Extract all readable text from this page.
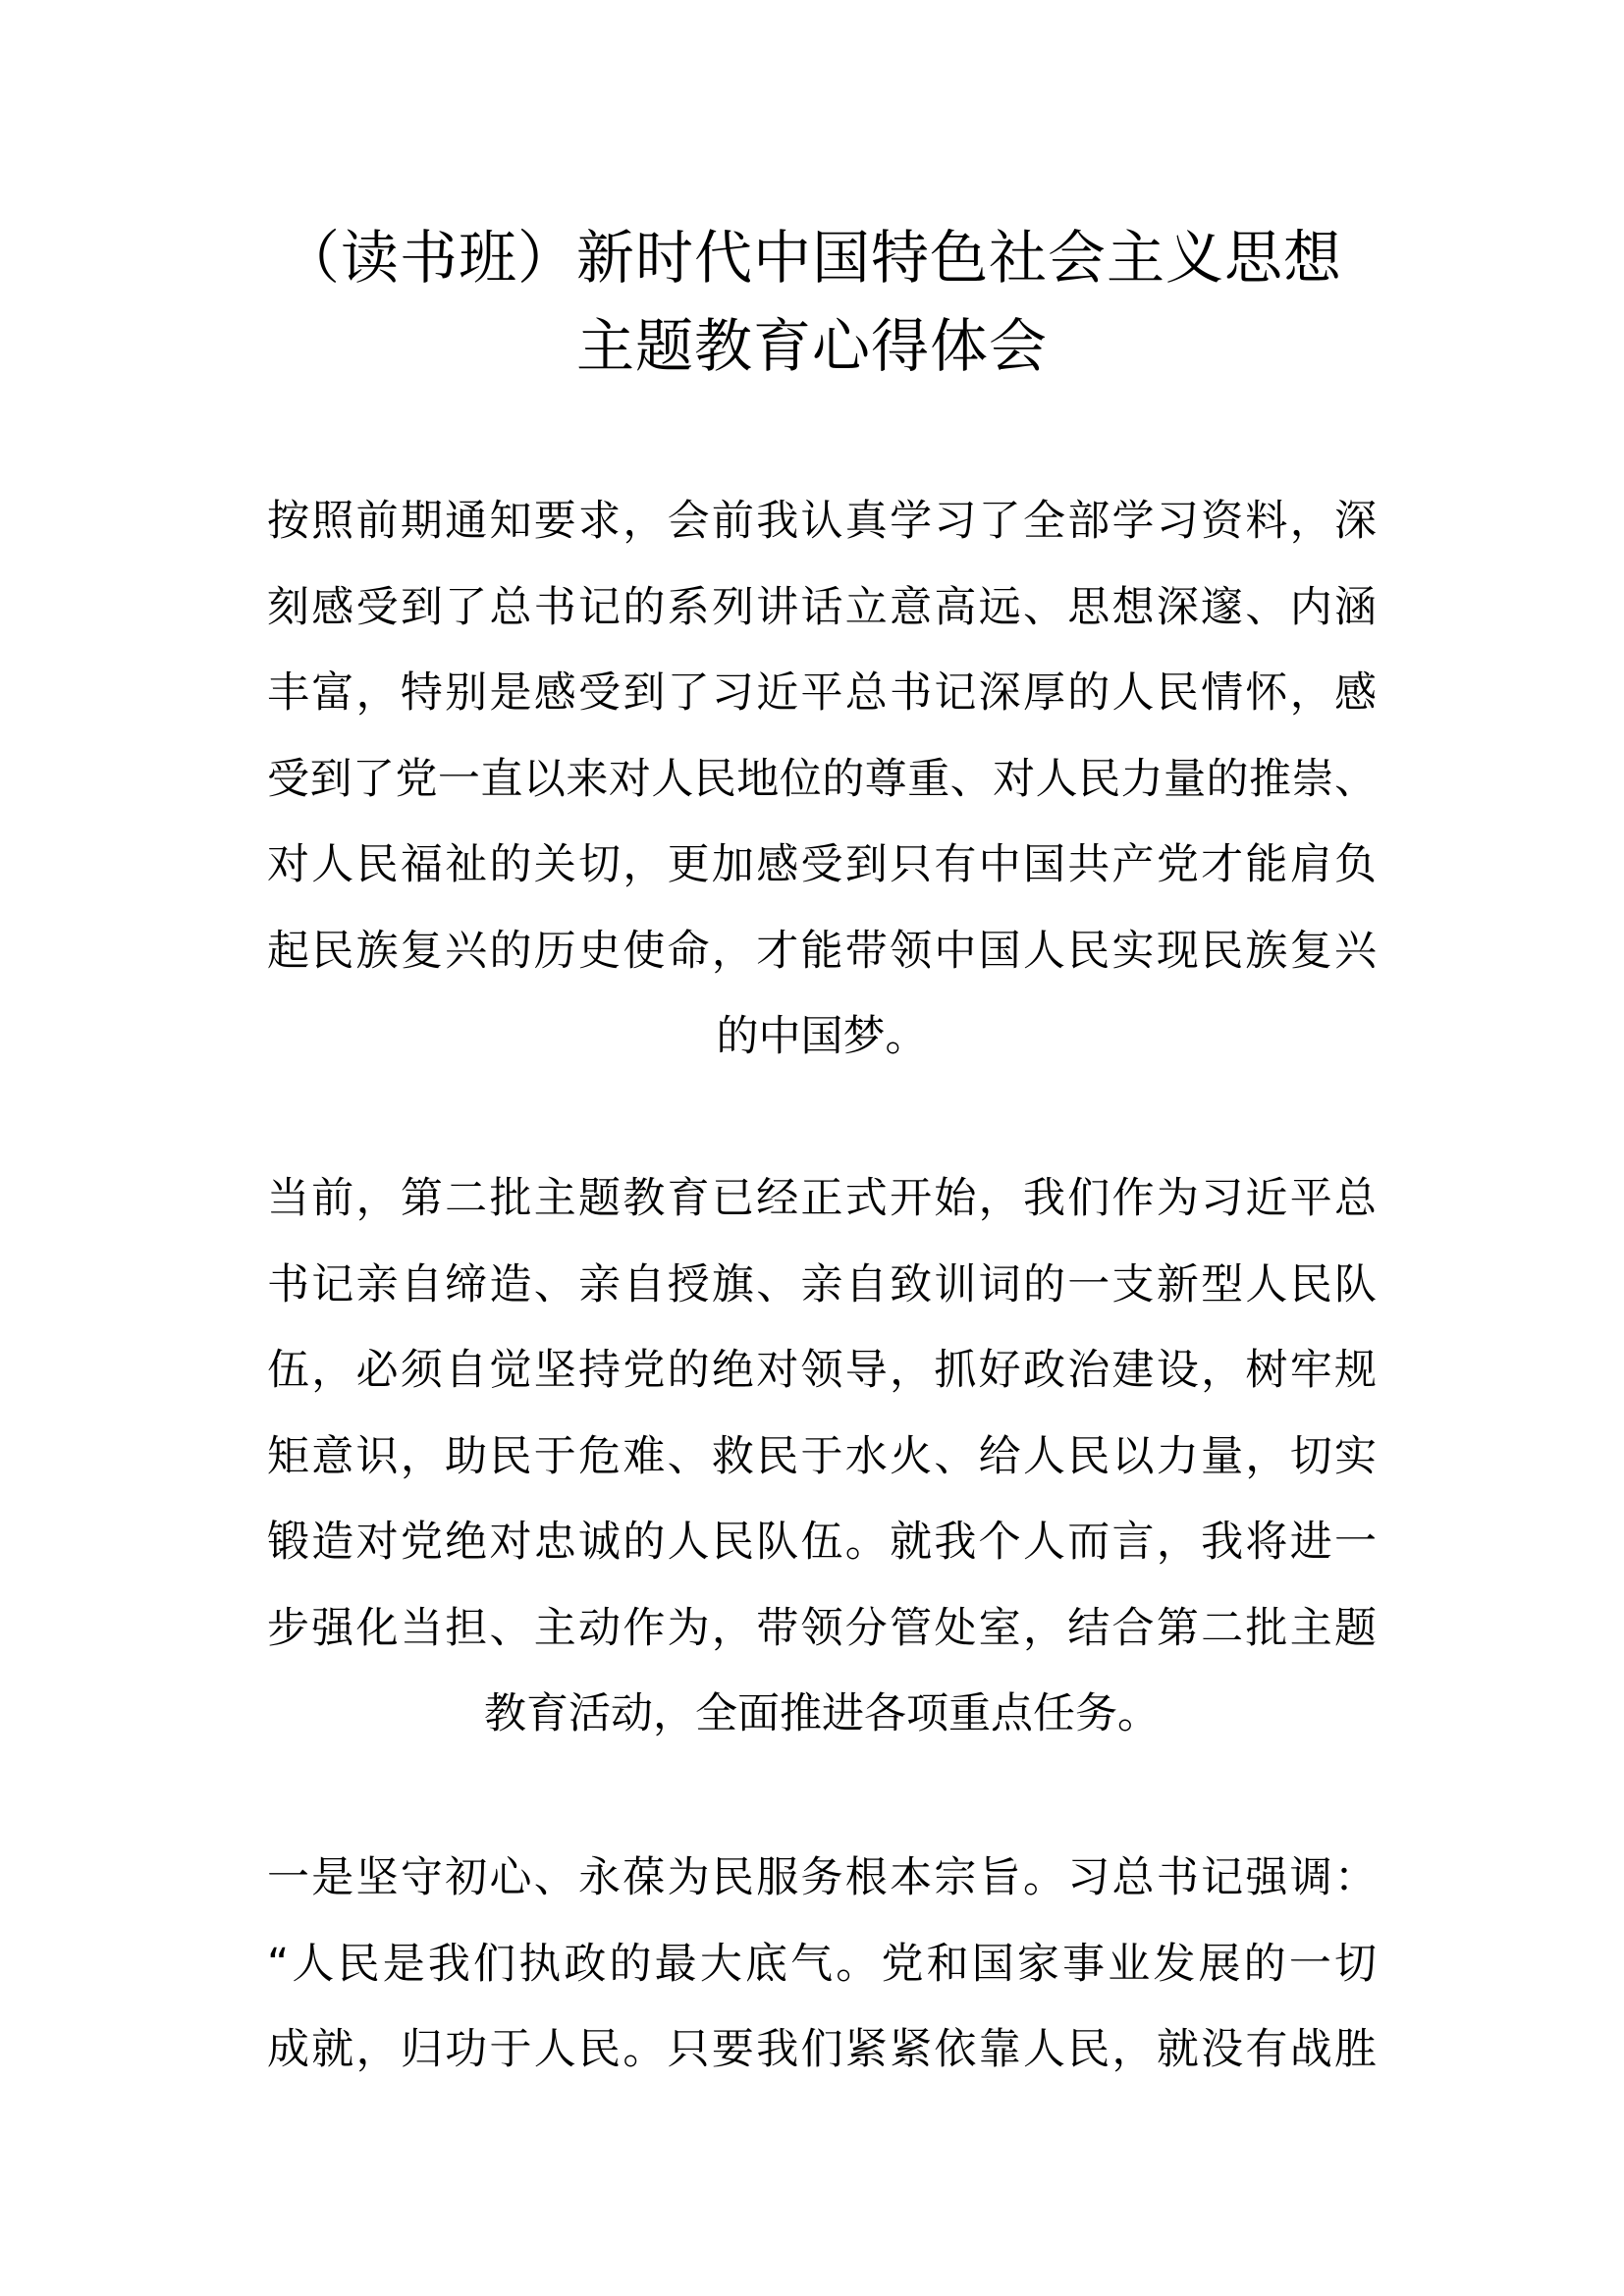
（读书班）新时代中国特色社会主义思想
主题教育心得体会
按照前期通知要求，会前我认真学习了全部学习资料，深
刻感受到了总书记的系列讲话立意高远、思想深邃、内涵
丰富，特别是感受到了习近平总书记深厚的人民情怀，感
受到了党一直以来对人民地位的尊重、对人民力量的推崇、
对人民福祉的关切，更加感受到只有中国共产党才能肩负
起民族复兴的历史使命，才能带领中国人民实现民族复兴
的中国梦。
当前，第二批主题教育已经正式开始，我们作为习近平总
书记亲自缔造、亲自授旗、亲自致训词的一支新型人民队
伍，必须自觉坚持党的绝对领导，抓好政治建设，树牢规
矩意识，助民于危难、救民于水火、给人民以力量，切实
锻造对党绝对忠诚的人民队伍。就我个人而言，我将进一
步强化当担、主动作为，带领分管处室，结合第二批主题
教育活动，全面推进各项重点任务。
一是坚守初心、永葆为民服务根本宗旨。习总书记强调：
“人民是我们执政的最大底气。党和国家事业发展的一切
成就，归功于人民。只要我们紧紧依靠人民，就没有战胜
